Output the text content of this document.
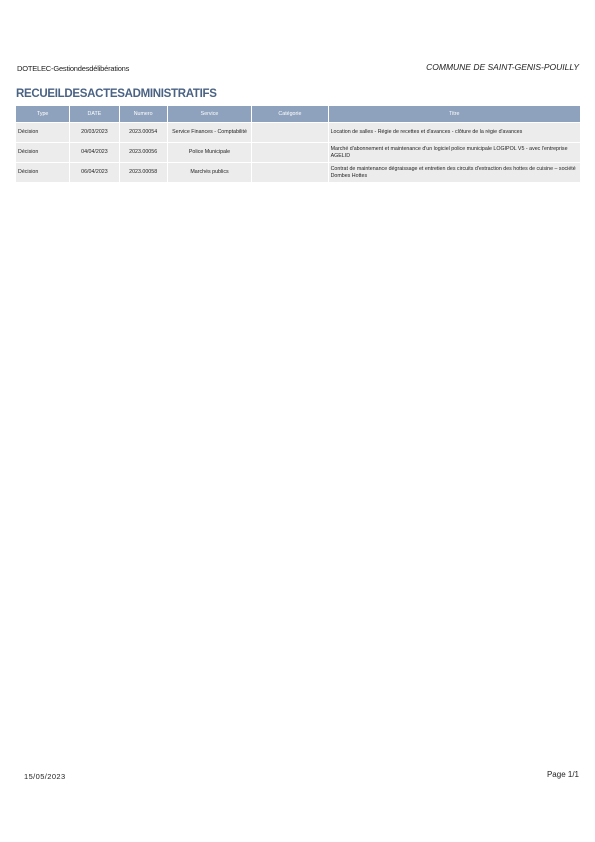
DOTELEC-Gestiondesdélibérations	COMMUNE DE SAINT-GENIS-POUILLY
RECUEILDESACTESADMINISTRATIFS
Type	DATE	Numero	Service	Catégorie	Titre
Décision	20/03/2023	2023.00054	Service Finances - Comptabilité		Location de salles - Régie de recettes et d'avances - clôture de la régie d'avances
Décision	04/04/2023	2023.00056	Police Municipale		Marché d'abonnement et maintenance d'un logiciel police municipale LOGIPOL V5 - avec l'entreprise AGELID
Décision	06/04/2023	2023.00058	Marchés publics		Contrat de maintenance dégraissage et entretien des circuits d'extraction des hottes de cuisine – société Dombes Hottes
15/05/2023	Page 1/1
